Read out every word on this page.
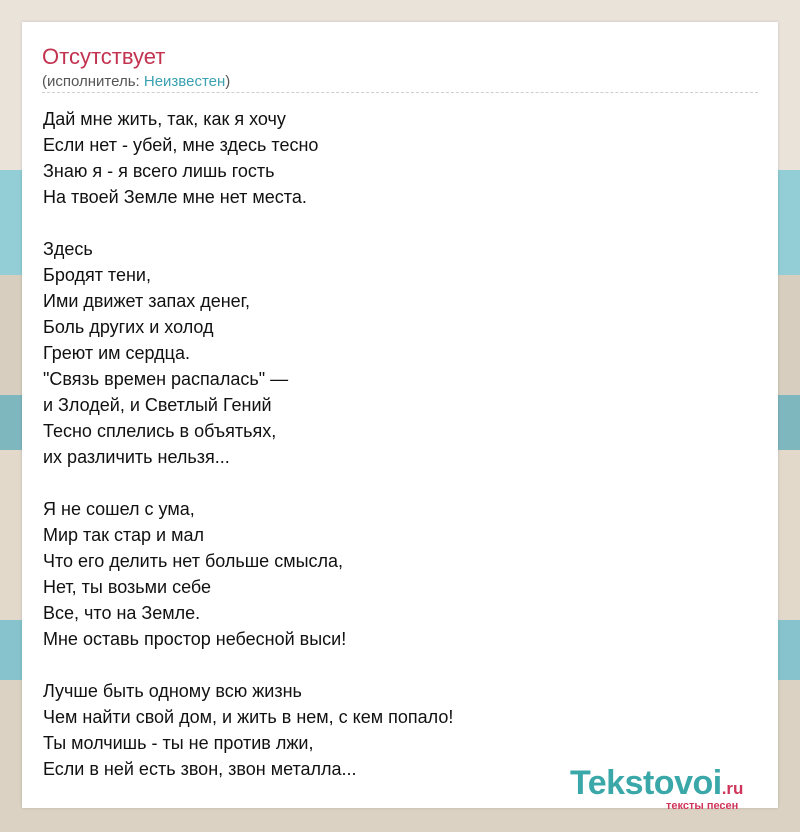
Отсутствует
(исполнитель: Неизвестен)
Дай мне жить, так, как я хочу
Если нет - убей, мне здесь тесно
Знаю я - я всего лишь гость
На твоей Земле мне нет места.

Здесь
Бродят тени,
Ими движет запах денег,
Боль других и холод
Греют им сердца.
"Связь времен распалась" —
и Злодей, и Светлый Гений
Тесно сплелись в объятьях,
их различить нельзя...

Я не сошел с ума,
Мир так стар и мал
Что его делить нет больше смысла,
Нет, ты возьми себе
Все, что на Земле.
Мне оставь простор небесной выси!

Лучше быть одному всю жизнь
Чем найти свой дом, и жить в нем, с кем попало!
Ты молчишь - ты не против лжи,
Если в ней есть звон, звон металла...	Tekstovoi.ru
тексты песен
